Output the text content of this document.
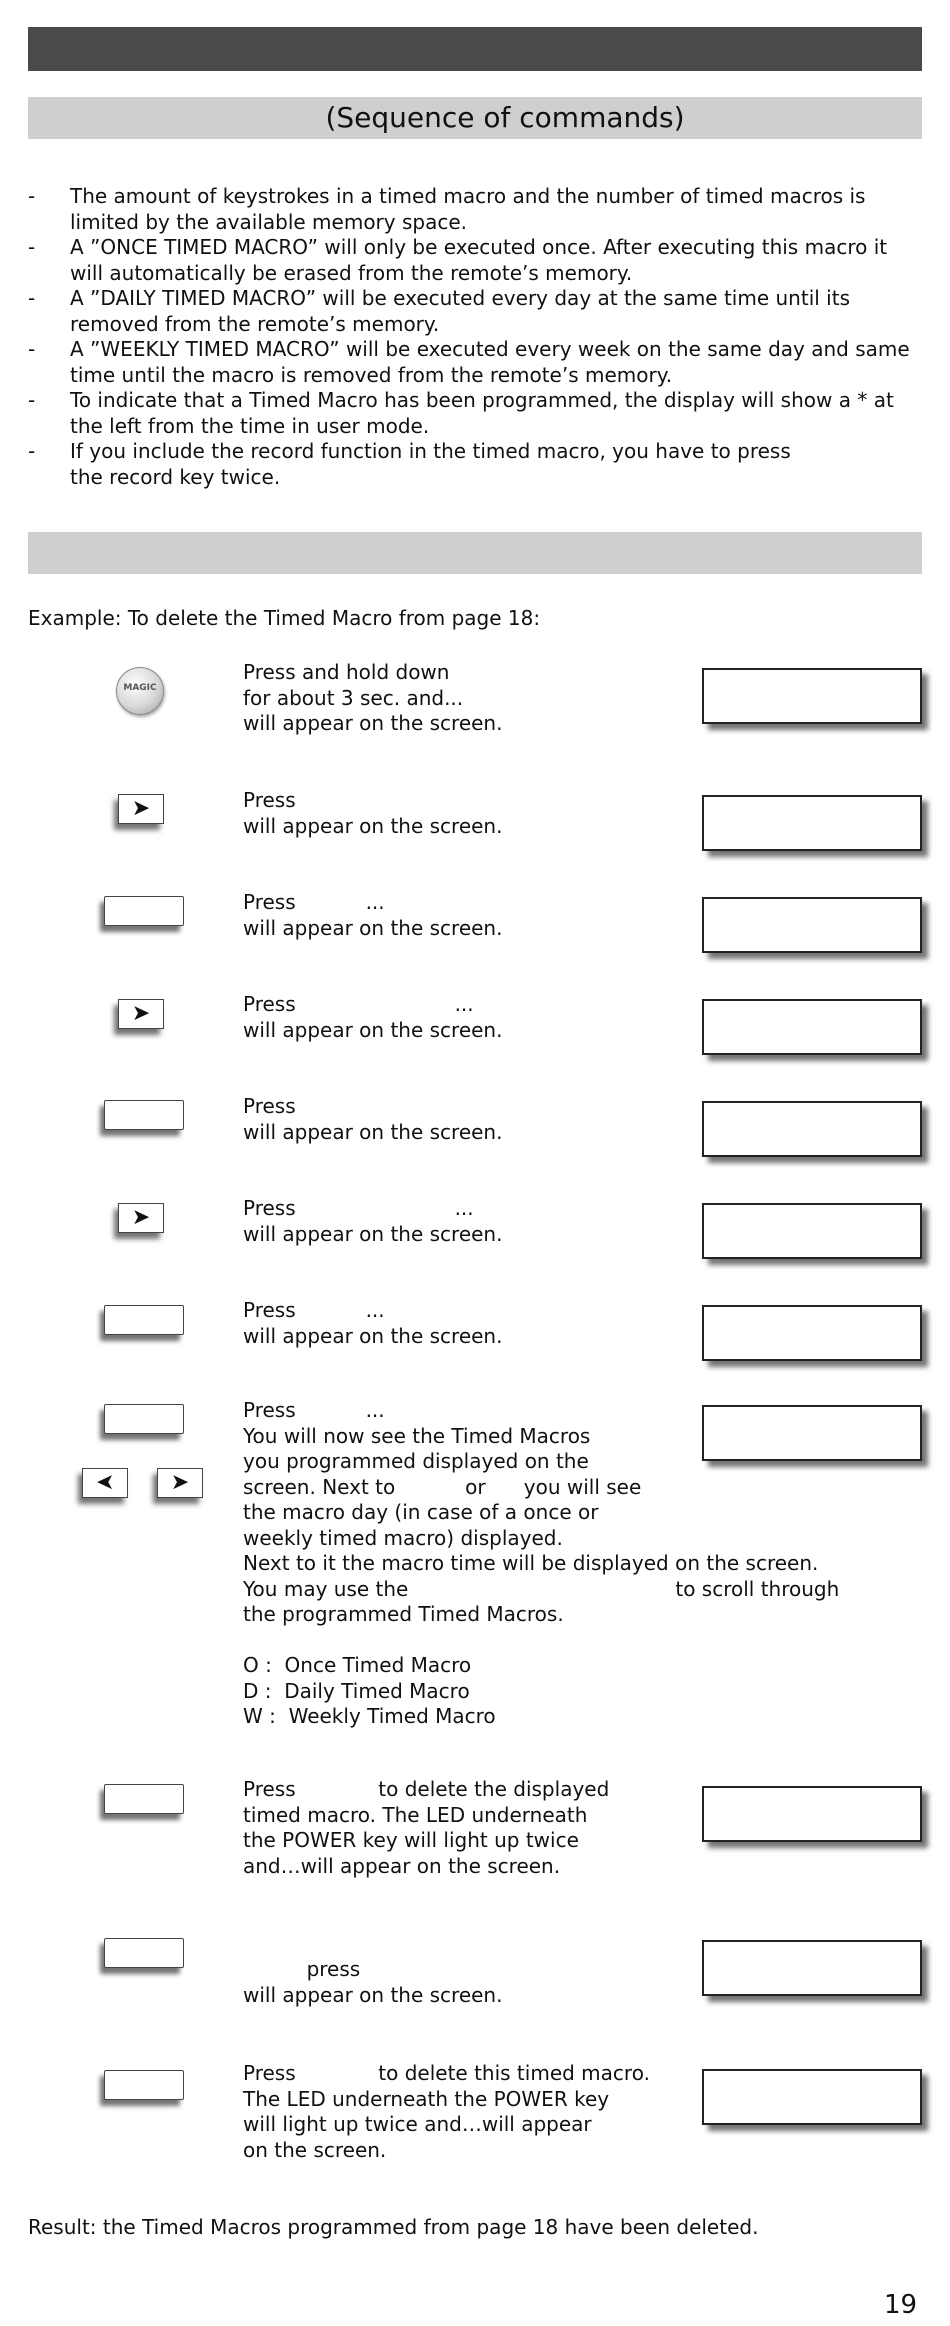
(Sequence of commands)
- The amount of keystrokes in a timed macro and the number of timed macros is
limited by the available memory space.
- A ”ONCE TIMED MACRO” will only be executed once. After executing this macro it
will automatically be erased from the remote’s memory.
- A ”DAILY TIMED MACRO” will be executed every day at the same time until its
removed from the remote’s memory.
- A ”WEEKLY TIMED MACRO” will be executed every week on the same day and same
time until the macro is removed from the remote’s memory.
- To indicate that a Timed Macro has been programmed, the display will show a * at
the left from the time in user mode.
- If you include the record function in the timed macro, you have to press
the record key twice.
Example: To delete the Timed Macro from page 18:
MAGIC
Press and hold down
for about 3 sec. and...
will appear on the screen.
➤	Press
will appear on the screen.
Press           ...
will appear on the screen.
➤	Press                         ...
will appear on the screen.
Press
will appear on the screen.
➤	Press                         ...
will appear on the screen.
Press           ...
will appear on the screen.
➤	➤
Press           ...
You will now see the Timed Macros
you programmed displayed on the
screen. Next to           or      you will see
the macro day (in case of a once or
weekly timed macro) displayed.
Next to it the macro time will be displayed on the screen.
You may use the                                          to scroll through
the programmed Timed Macros.

O :  Once Timed Macro
D :  Daily Timed Macro
W :  Weekly Timed Macro
Press             to delete the displayed
timed macro. The LED underneath
the POWER key will light up twice
and…will appear on the screen.
press
will appear on the screen.
Press             to delete this timed macro.
The LED underneath the POWER key
will light up twice and…will appear
on the screen.
Result: the Timed Macros programmed from page 18 have been deleted.
19
